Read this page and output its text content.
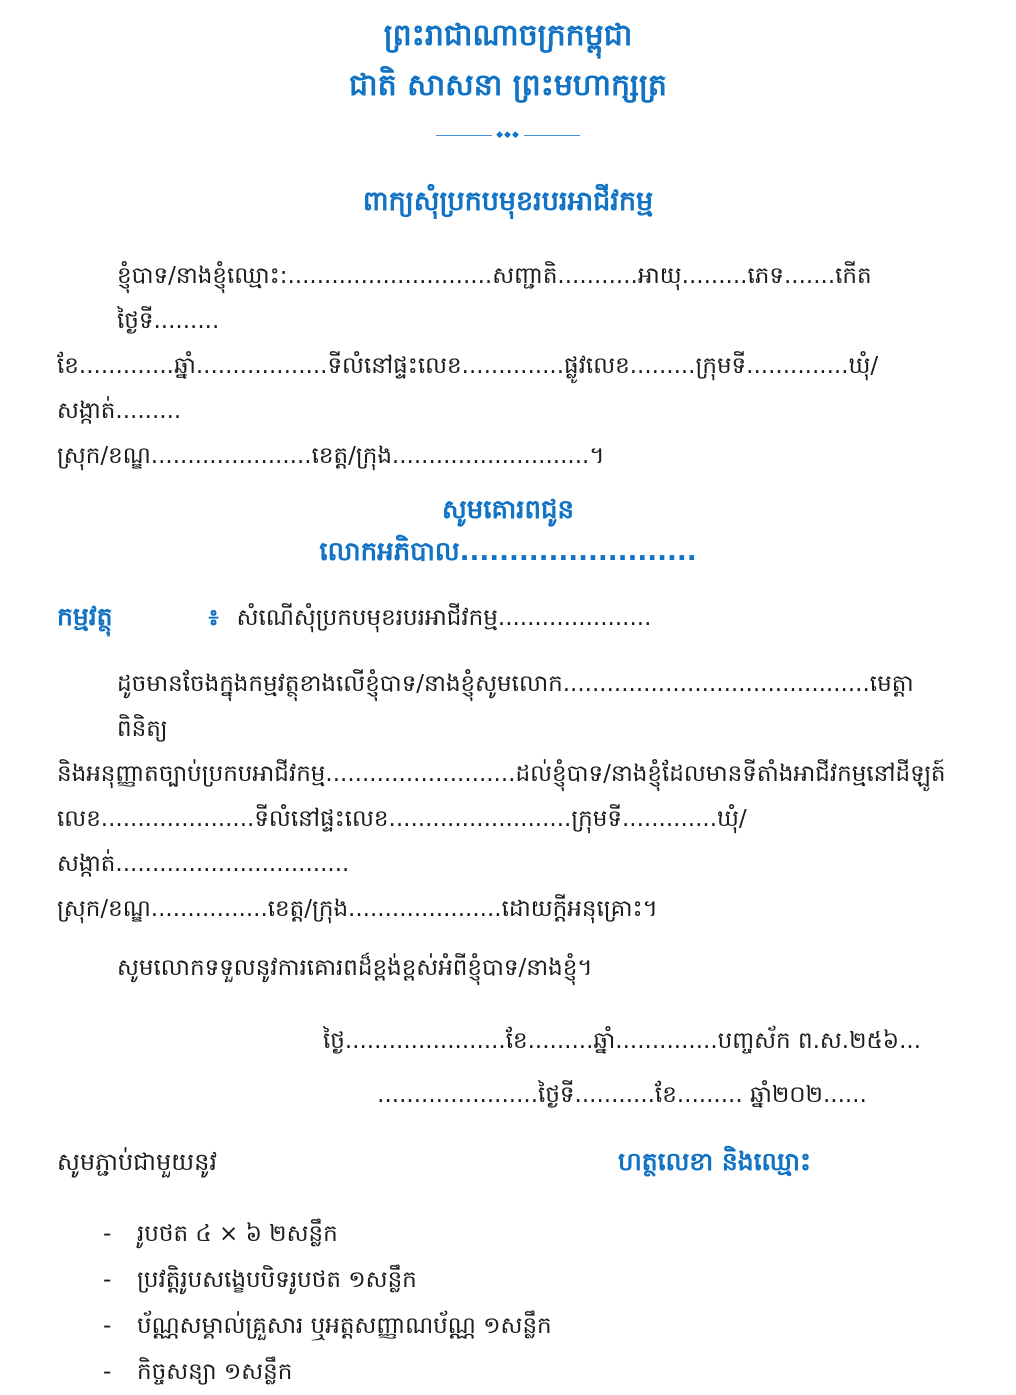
ព្រះរាជាណាចក្រកម្ពុជា
ជាតិ សាសនា ព្រះមហាក្សត្រ
◆◆◆
ពាក្យសុំប្រកបមុខរបរអាជីវកម្ម
ខ្ញុំបាទ/នាងខ្ញុំឈ្មោះ:............................សញ្ជាតិ...........អាយុ.........ភេទ.......កើតថ្ងៃទី.........
ខែ.............ឆ្នាំ..................ទីលំនៅផ្ទះលេខ..............ផ្លូវលេខ.........ក្រុមទី..............ឃុំ/សង្កាត់.........
ស្រុក/ខណ្ឌ......................ខេត្ត/ក្រុង...........................។
សូមគោរពជូន
លោកអភិបាល........................
កម្មវត្ថុ	៖ សំណើសុំប្រកបមុខរបរអាជីវកម្ម.....................
ដូចមានចែងក្នុងកម្មវត្ថុខាងលើខ្ញុំបាទ/នាងខ្ញុំសូមលោក..........................................មេត្តាពិនិត្យ
និងអនុញ្ញាតច្បាប់ប្រកបអាជីវកម្ម..........................ដល់ខ្ញុំបាទ/នាងខ្ញុំដែលមានទីតាំងអាជីវកម្មនៅដីឡូត៍
លេខ.....................ទីលំនៅផ្ទះលេខ.........................ក្រុមទី.............ឃុំ/សង្កាត់................................
ស្រុក/ខណ្ឌ................ខេត្ត/ក្រុង.....................ដោយក្តីអនុគ្រោះ។
សូមលោកទទួលនូវការគោរពដ៏ខ្ពង់ខ្ពស់អំពីខ្ញុំបាទ/នាងខ្ញុំ។
ថ្ងៃ......................ខែ.........ឆ្នាំ..............បញ្ចស័ក ព.ស.២៥៦...
......................ថ្ងៃទី...........ខែ......... ឆ្នាំ២០២......
សូមភ្ជាប់ជាមួយនូវ	ហត្ថលេខា និងឈ្មោះ
-	រូបថត ៤ × ៦ ២សន្លឹក
-	ប្រវត្តិរូបសង្ខេបបិទរូបថត ១សន្លឹក
-	ប័ណ្ណសម្គាល់គ្រួសារ ឬអត្តសញ្ញាណប័ណ្ណ ១សន្លឹក
-	កិច្ចសន្យា ១សន្លឹក
